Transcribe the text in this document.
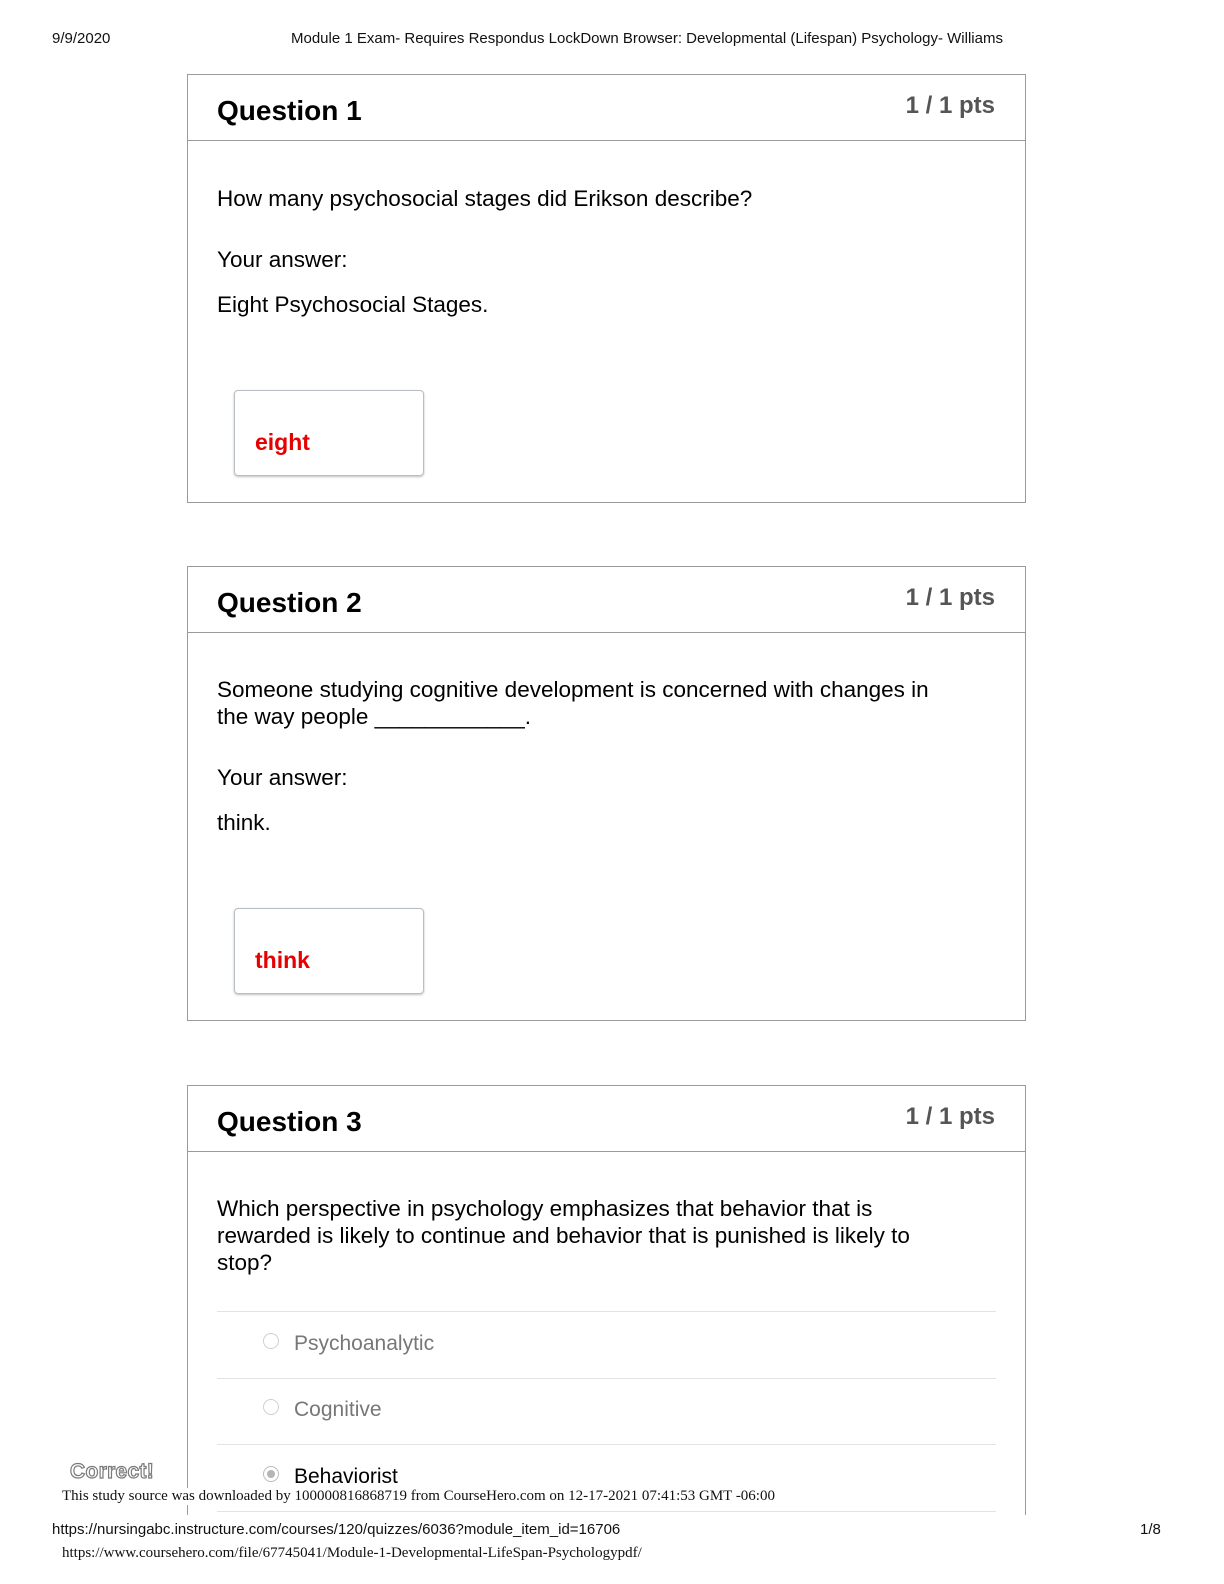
9/9/2020	Module 1 Exam- Requires Respondus LockDown Browser: Developmental (Lifespan) Psychology- Williams
Question 1	1 / 1 pts
How many psychosocial stages did Erikson describe?
Your answer:
Eight Psychosocial Stages.
eight
Question 2	1 / 1 pts
Someone studying cognitive development is concerned with changes in
the way people ____________.
Your answer:
think.
think
Question 3	1 / 1 pts
Which perspective in psychology emphasizes that behavior that is
rewarded is likely to continue and behavior that is punished is likely to
stop?
Psychoanalytic
Cognitive
Behaviorist
Correct!
This study source was downloaded by 100000816868719 from CourseHero.com on 12-17-2021 07:41:53 GMT -06:00
https://nursingabc.instructure.com/courses/120/quizzes/6036?module_item_id=16706	1/8
https://www.coursehero.com/file/67745041/Module-1-Developmental-LifeSpan-Psychologypdf/
